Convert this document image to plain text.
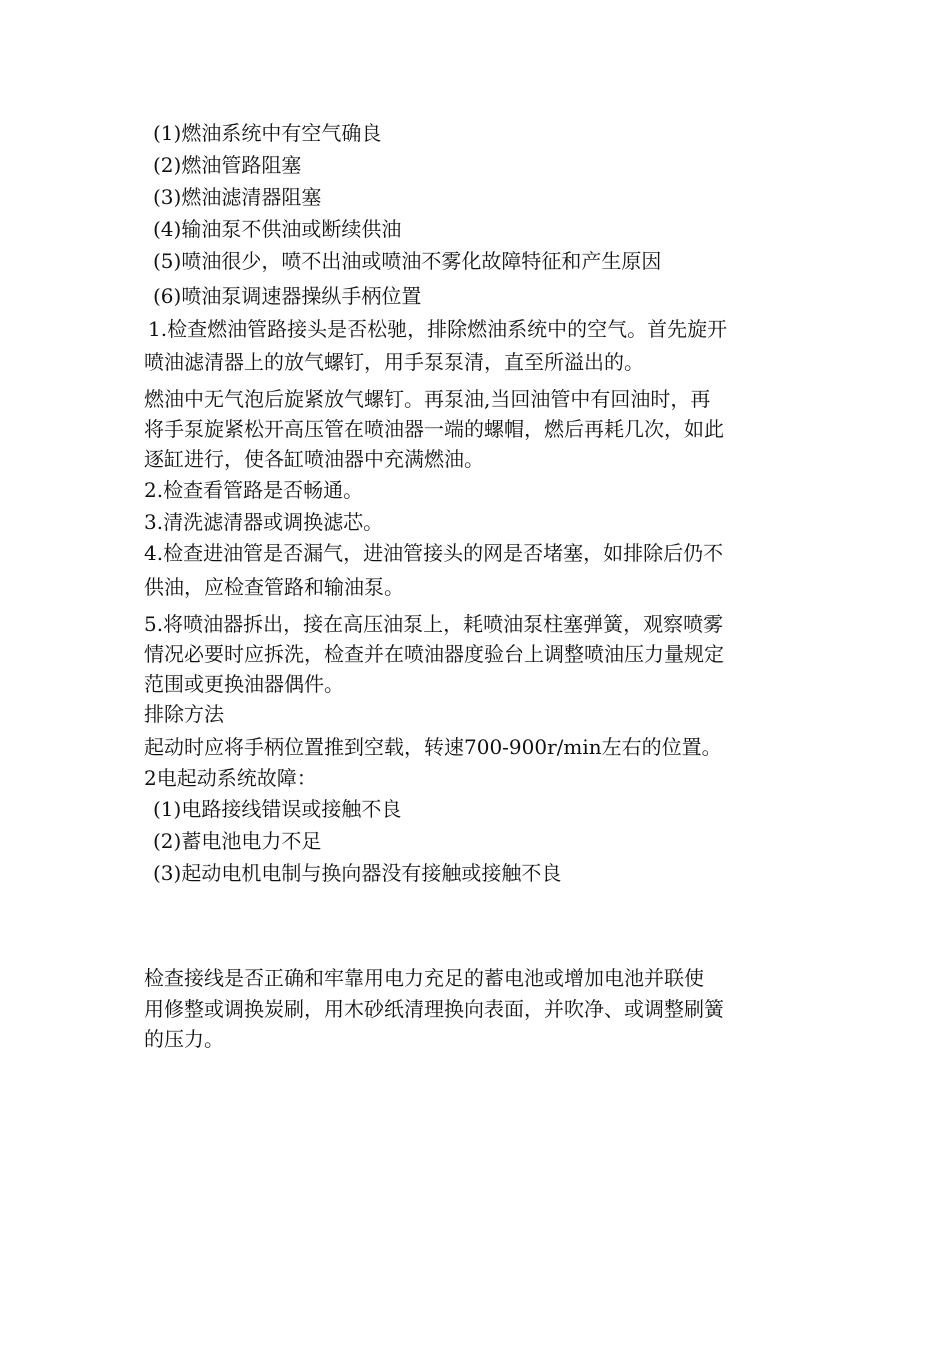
(1)燃油系统中有空气确良
(2)燃油管路阻塞
(3)燃油滤清器阻塞
(4)输油泵不供油或断续供油
(5)喷油很少，喷不出油或喷油不雾化故障特征和产生原因
(6)喷油泵调速器操纵手柄位置
1.检查燃油管路接头是否松驰，排除燃油系统中的空气。首先旋开
喷油滤清器上的放气螺钉，用手泵泵清，直至所溢出的。
燃油中无气泡后旋紧放气螺钉。再泵油,当回油管中有回油时，再
将手泵旋紧松开高压管在喷油器一端的螺帽，燃后再耗几次，如此
逐缸进行，使各缸喷油器中充满燃油。
2.检查看管路是否畅通。
3.清洗滤清器或调换滤芯。
4.检查进油管是否漏气，进油管接头的网是否堵塞，如排除后仍不
供油，应检查管路和输油泵。
5.将喷油器拆出，接在高压油泵上，耗喷油泵柱塞弹簧，观察喷雾
情况必要时应拆洗，检查并在喷油器度验台上调整喷油压力量规定
范围或更换油器偶件。
排除方法
起动时应将手柄位置推到空载，转速700-900r/min左右的位置。
2电起动系统故障：
(1)电路接线错误或接触不良
(2)蓄电池电力不足
(3)起动电机电制与换向器没有接触或接触不良
检查接线是否正确和牢靠用电力充足的蓄电池或增加电池并联使
用修整或调换炭刷，用木砂纸清理换向表面，并吹净、或调整刷簧
的压力。
